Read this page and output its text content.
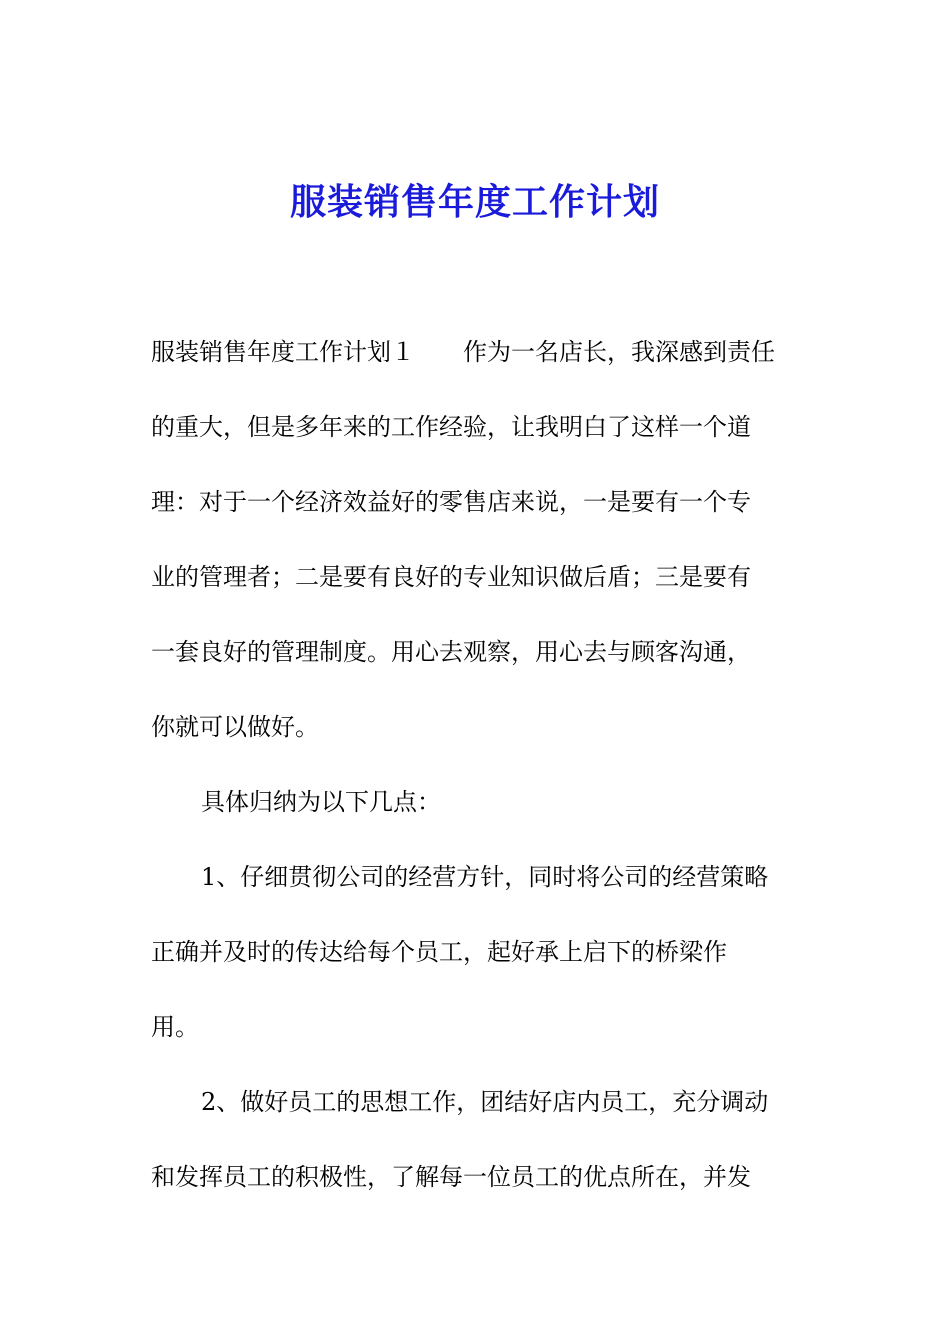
服装销售年度工作计划
服装销售年度工作计划１　　作为一名店长，我深感到责任
的重大，但是多年来的工作经验，让我明白了这样一个道
理：对于一个经济效益好的零售店来说，一是要有一个专
业的管理者；二是要有良好的专业知识做后盾；三是要有
一套良好的管理制度。用心去观察，用心去与顾客沟通，
你就可以做好。
具体归纳为以下几点：
1、仔细贯彻公司的经营方针，同时将公司的经营策略
正确并及时的传达给每个员工，起好承上启下的桥梁作
用。
2、做好员工的思想工作，团结好店内员工，充分调动
和发挥员工的积极性，了解每一位员工的优点所在，并发
